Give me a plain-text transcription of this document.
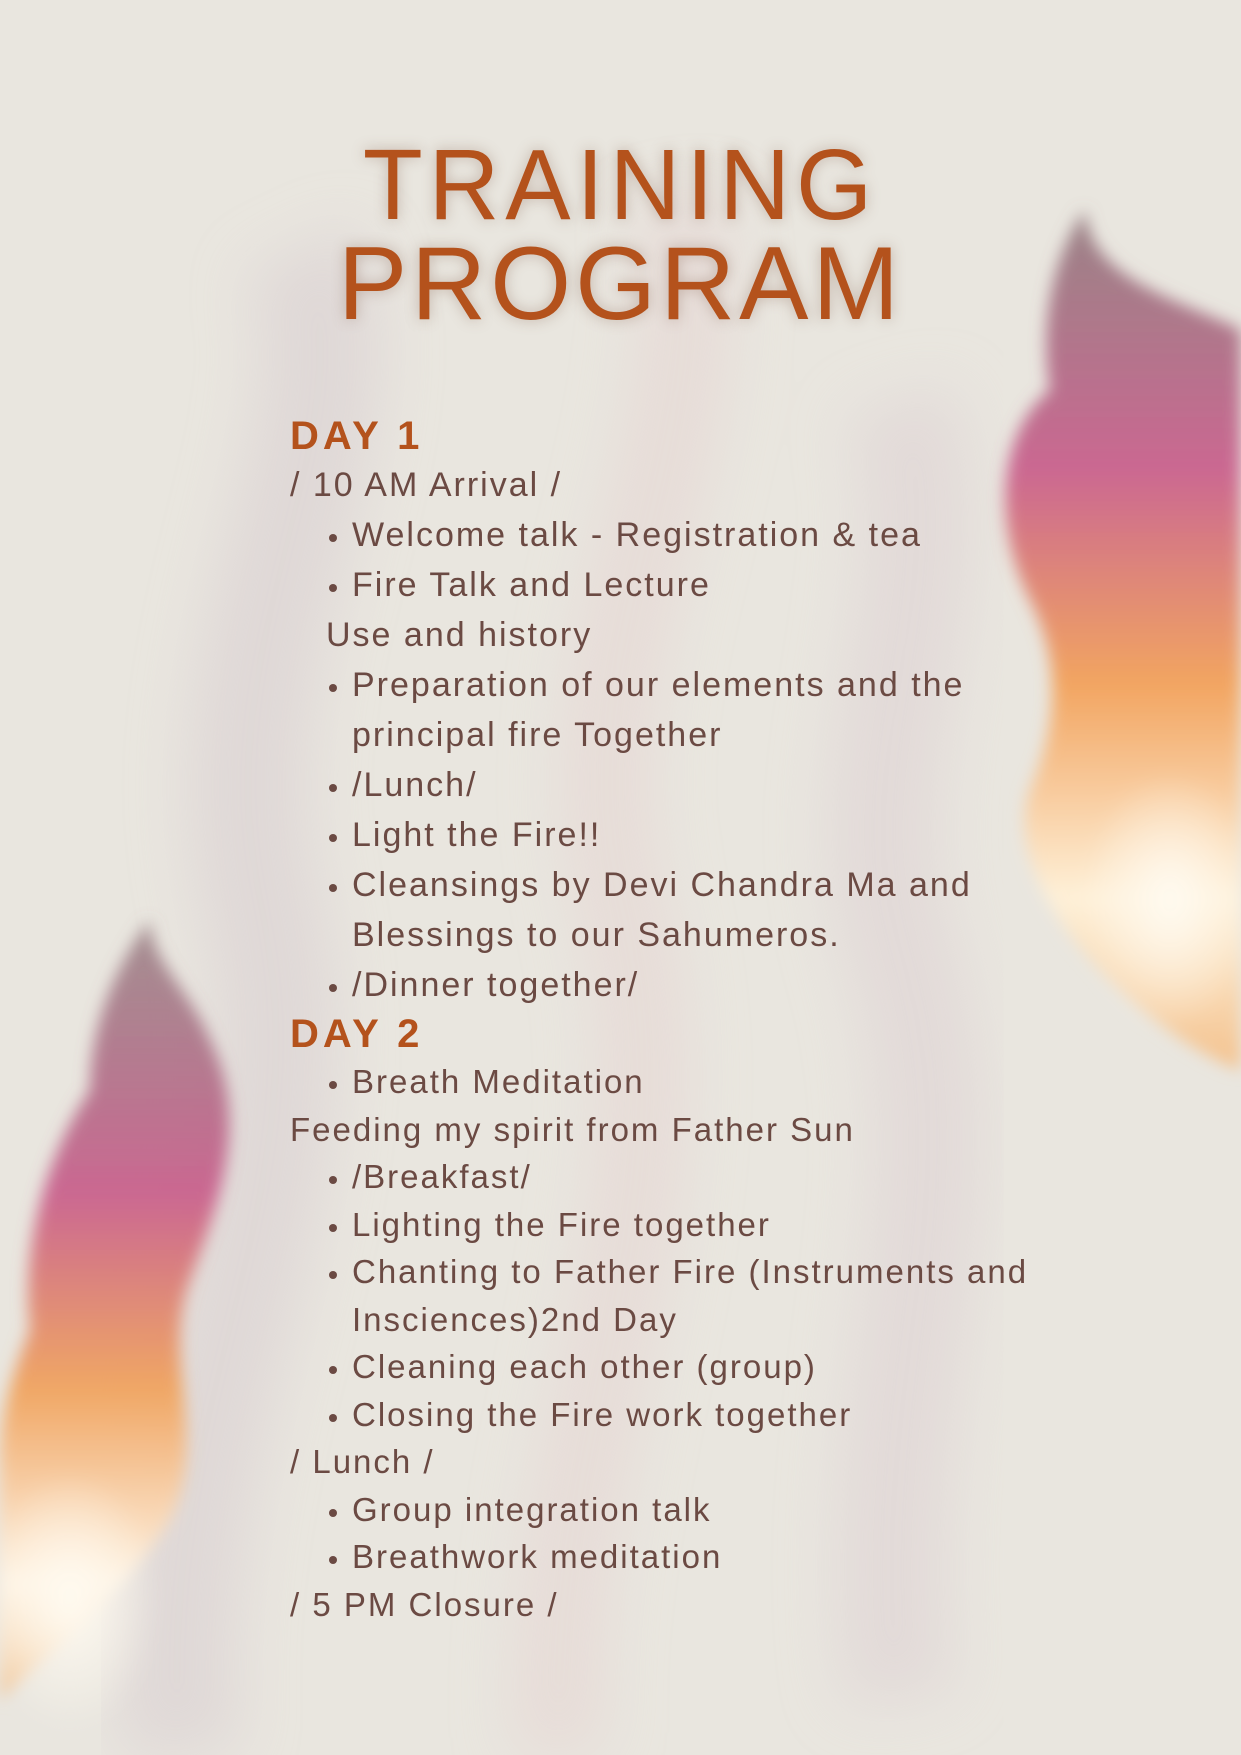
TRAINING
PROGRAM
DAY 1
/ 10 AM Arrival /
• Welcome talk - Registration & tea
• Fire Talk and Lecture
Use and history
• Preparation of our elements and the principal fire Together
• /Lunch/
• Light the Fire!!
• Cleansings by Devi Chandra Ma and Blessings to our Sahumeros.
• /Dinner together/
DAY 2
• Breath Meditation
Feeding my spirit from Father Sun
• /Breakfast/
• Lighting the Fire together
• Chanting to Father Fire (Instruments and Insciences)2nd Day
• Cleaning each other (group)
• Closing the Fire work together
/ Lunch /
• Group integration talk
• Breathwork meditation
/ 5 PM Closure /
